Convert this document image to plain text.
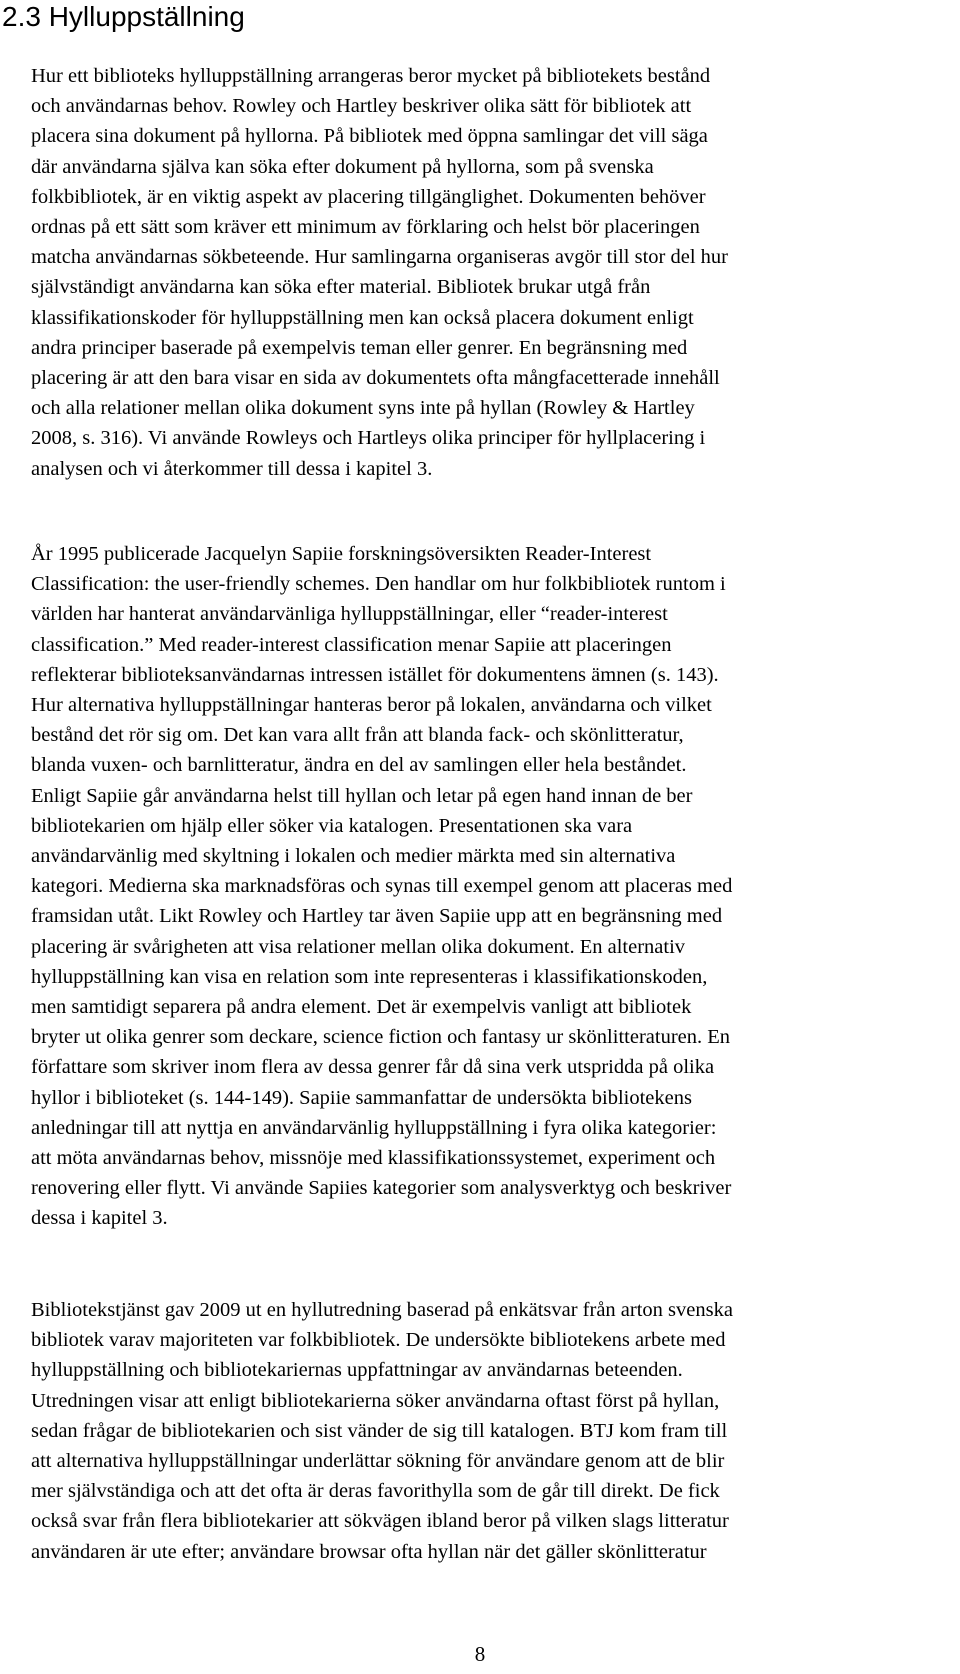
2.3 Hylluppställning
Hur ett biblioteks hylluppställning arrangeras beror mycket på bibliotekets bestånd
och användarnas behov. Rowley och Hartley beskriver olika sätt för bibliotek att
placera sina dokument på hyllorna. På bibliotek med öppna samlingar det vill säga
där användarna själva kan söka efter dokument på hyllorna, som på svenska
folkbibliotek, är en viktig aspekt av placering tillgänglighet. Dokumenten behöver
ordnas på ett sätt som kräver ett minimum av förklaring och helst bör placeringen
matcha användarnas sökbeteende. Hur samlingarna organiseras avgör till stor del hur
självständigt användarna kan söka efter material. Bibliotek brukar utgå från
klassifikationskoder för hylluppställning men kan också placera dokument enligt
andra principer baserade på exempelvis teman eller genrer. En begränsning med
placering är att den bara visar en sida av dokumentets ofta mångfacetterade innehåll
och alla relationer mellan olika dokument syns inte på hyllan (Rowley & Hartley
2008, s. 316). Vi använde Rowleys och Hartleys olika principer för hyllplacering i
analysen och vi återkommer till dessa i kapitel 3.
År 1995 publicerade Jacquelyn Sapiie forskningsöversikten Reader-Interest
Classification: the user-friendly schemes. Den handlar om hur folkbibliotek runtom i
världen har hanterat användarvänliga hylluppställningar, eller “reader-interest
classification.” Med reader-interest classification menar Sapiie att placeringen
reflekterar biblioteksanvändarnas intressen istället för dokumentens ämnen (s. 143).
Hur alternativa hylluppställningar hanteras beror på lokalen, användarna och vilket
bestånd det rör sig om. Det kan vara allt från att blanda fack- och skönlitteratur,
blanda vuxen- och barnlitteratur, ändra en del av samlingen eller hela beståndet.
Enligt Sapiie går användarna helst till hyllan och letar på egen hand innan de ber
bibliotekarien om hjälp eller söker via katalogen. Presentationen ska vara
användarvänlig med skyltning i lokalen och medier märkta med sin alternativa
kategori. Medierna ska marknadsföras och synas till exempel genom att placeras med
framsidan utåt. Likt Rowley och Hartley tar även Sapiie upp att en begränsning med
placering är svårigheten att visa relationer mellan olika dokument. En alternativ
hylluppställning kan visa en relation som inte representeras i klassifikationskoden,
men samtidigt separera på andra element. Det är exempelvis vanligt att bibliotek
bryter ut olika genrer som deckare, science fiction och fantasy ur skönlitteraturen. En
författare som skriver inom flera av dessa genrer får då sina verk utspridda på olika
hyllor i biblioteket (s. 144-149). Sapiie sammanfattar de undersökta bibliotekens
anledningar till att nyttja en användarvänlig hylluppställning i fyra olika kategorier:
att möta användarnas behov, missnöje med klassifikationssystemet, experiment och
renovering eller flytt. Vi använde Sapiies kategorier som analysverktyg och beskriver
dessa i kapitel 3.
Bibliotekstjänst gav 2009 ut en hyllutredning baserad på enkätsvar från arton svenska
bibliotek varav majoriteten var folkbibliotek. De undersökte bibliotekens arbete med
hylluppställning och bibliotekariernas uppfattningar av användarnas beteenden.
Utredningen visar att enligt bibliotekarierna söker användarna oftast först på hyllan,
sedan frågar de bibliotekarien och sist vänder de sig till katalogen. BTJ kom fram till
att alternativa hylluppställningar underlättar sökning för användare genom att de blir
mer självständiga och att det ofta är deras favorithylla som de går till direkt. De fick
också svar från flera bibliotekarier att sökvägen ibland beror på vilken slags litteratur
användaren är ute efter; användare browsar ofta hyllan när det gäller skönlitteratur
8
